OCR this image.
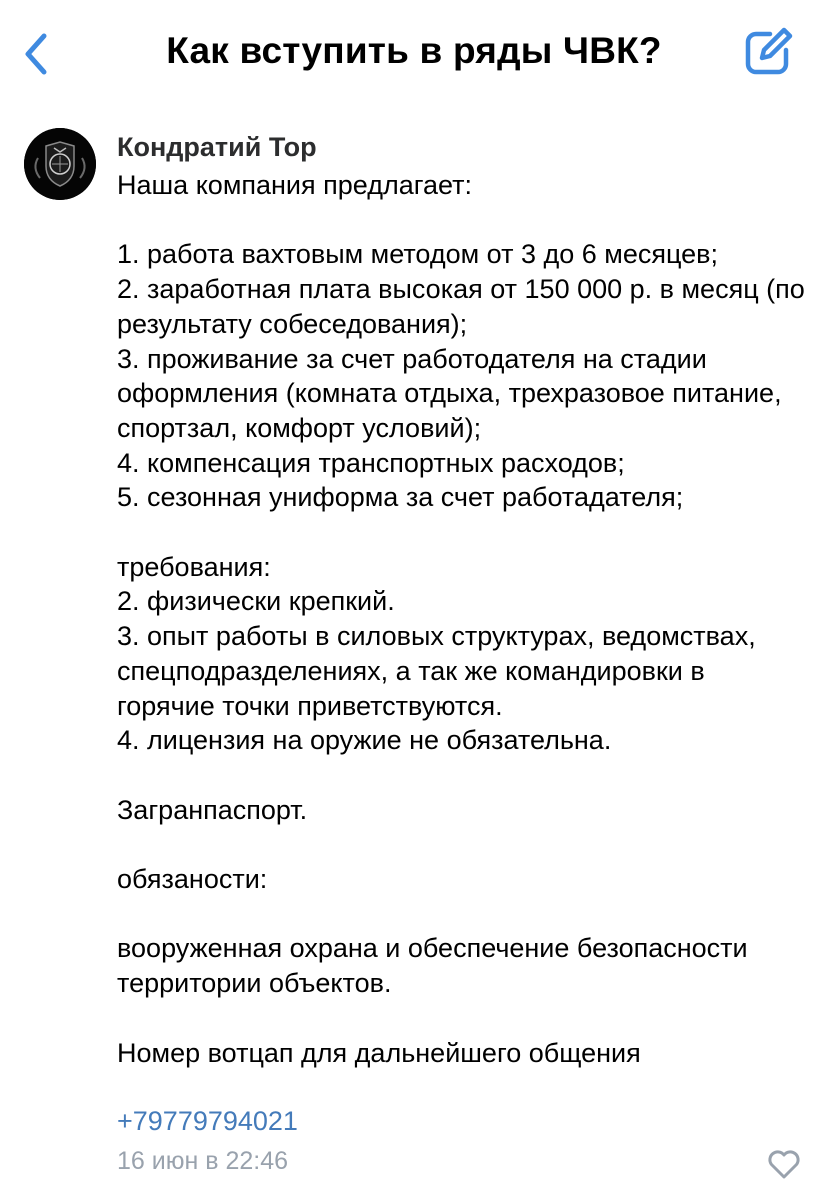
Как вступить в ряды ЧВК?
Кондратий Тор
Наша компания предлагает:

1. работа вахтовым методом от 3 до 6 месяцев;
2. заработная плата высокая от 150 000 р. в месяц (по результату собеседования);
3. проживание за счет работодателя на стадии оформления (комната отдыха, трехразовое питание, спортзал, комфорт условий);
4. компенсация транспортных расходов;
5. сезонная униформа за счет работадателя;

требования:
2. физически крепкий.
3. опыт работы в силовых структурах, ведомствах, спецподразделениях, а так же командировки в горячие точки приветствуются.
4. лицензия на оружие не обязательна.

Загранпаспорт.

обязаности:

вооруженная охрана и обеспечение безопасности территории объектов.

Номер вотцап для дальнейшего общения
+79779794021
16 июн в 22:46
